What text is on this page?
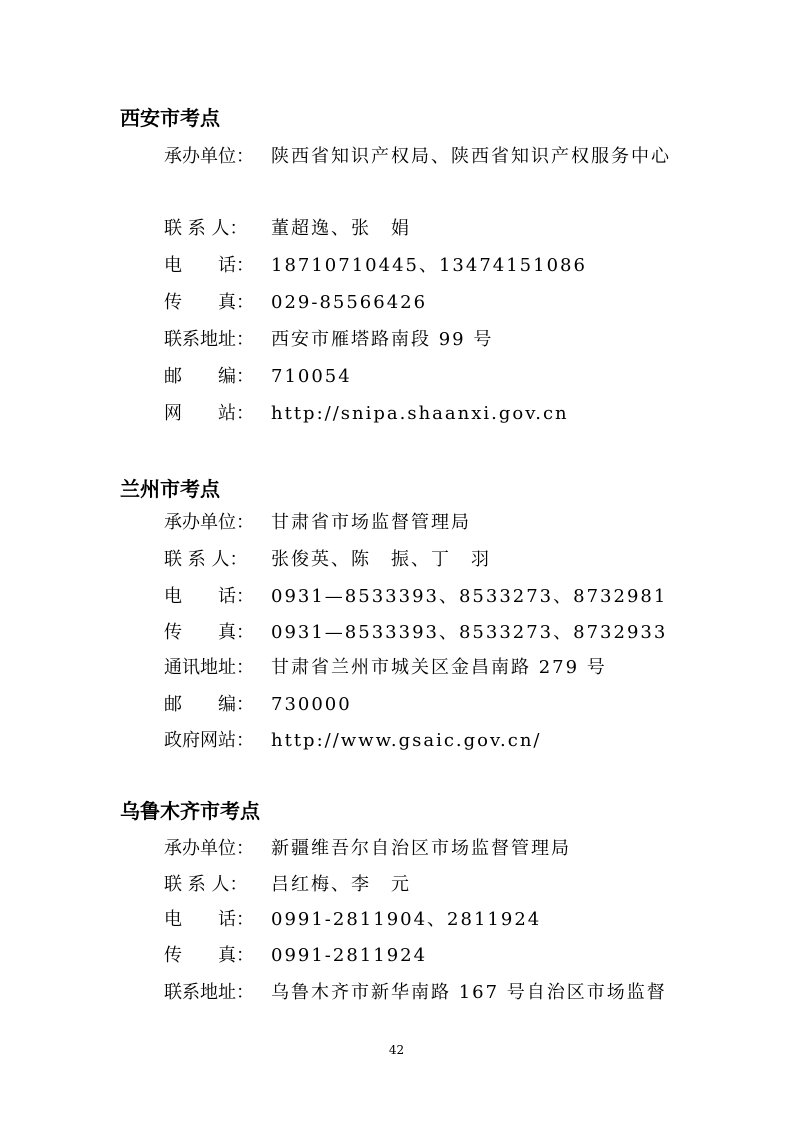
西安市考点
承办单位： 陕西省知识产权局、陕西省知识产权服务中心
联 系 人：	董超逸、张　娟
电　　话： 18710710445、13474151086
传　　真： 029-85566426
联系地址： 西安市雁塔路南段 99 号
邮　　编： 710054
网　　站： http://snipa.shaanxi.gov.cn
兰州市考点
承办单位： 甘肃省市场监督管理局
联 系 人：	张俊英、陈　振、丁　羽
电　　话： 0931—8533393、8533273、8732981
传　　真： 0931—8533393、8533273、8732933
通讯地址： 甘肃省兰州市城关区金昌南路 279 号
邮　　编： 730000
政府网站： http://www.gsaic.gov.cn/
乌鲁木齐市考点
承办单位： 新疆维吾尔自治区市场监督管理局
联 系 人：	吕红梅、李　元
电　　话： 0991-2811904、2811924
传　　真： 0991-2811924
联系地址： 乌鲁木齐市新华南路 167 号自治区市场监督
42
